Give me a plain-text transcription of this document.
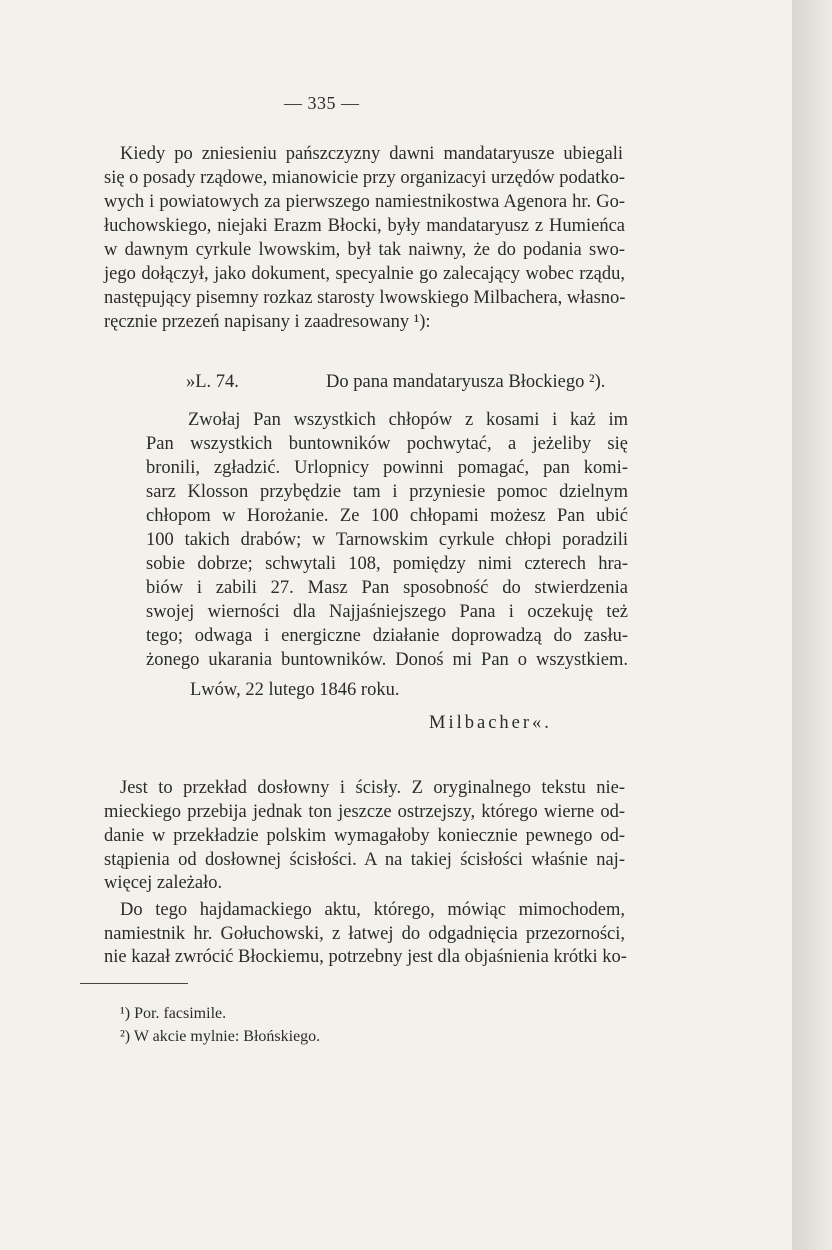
— 335 —
Kiedy po zniesieniu pańszczyzny dawni mandataryusze ubiegali
się o posady rządowe, mianowicie przy organizacyi urzędów podatko-
wych i powiatowych za pierwszego namiestnikostwa Agenora hr. Go-
łuchowskiego, niejaki Erazm Błocki, były mandataryusz z Humieńca
w dawnym cyrkule lwowskim, był tak naiwny, że do podania swo-
jego dołączył, jako dokument, specyalnie go zalecający wobec rządu,
następujący pisemny rozkaz starosty lwowskiego Milbachera, własno-
ręcznie przezeń napisany i zaadresowany ¹):
»L. 74.	Do pana mandataryusza Błockiego ²).
Zwołaj Pan wszystkich chłopów z kosami i każ im
Pan wszystkich buntowników pochwytać, a jeżeliby się
bronili, zgładzić. Urlopnicy powinni pomagać, pan komi-
sarz Klosson przybędzie tam i przyniesie pomoc dzielnym
chłopom w Horożanie. Ze 100 chłopami możesz Pan ubić
100 takich drabów; w Tarnowskim cyrkule chłopi poradzili
sobie dobrze; schwytali 108, pomiędzy nimi czterech hra-
biów i zabili 27. Masz Pan sposobność do stwierdzenia
swojej wierności dla Najjaśniejszego Pana i oczekuję też
tego; odwaga i energiczne działanie doprowadzą do zasłu-
żonego ukarania buntowników. Donoś mi Pan o wszystkiem.
Lwów, 22 lutego 1846 roku.
Milbacher«.
Jest to przekład dosłowny i ścisły. Z oryginalnego tekstu nie-
mieckiego przebija jednak ton jeszcze ostrzejszy, którego wierne od-
danie w przekładzie polskim wymagałoby koniecznie pewnego od-
stąpienia od dosłownej ścisłości. A na takiej ścisłości właśnie naj-
więcej zależało.
Do tego hajdamackiego aktu, którego, mówiąc mimochodem,
namiestnik hr. Gołuchowski, z łatwej do odgadnięcia przezorności,
nie kazał zwrócić Błockiemu, potrzebny jest dla objaśnienia krótki ko-
¹) Por. facsimile.
²) W akcie mylnie: Błońskiego.
